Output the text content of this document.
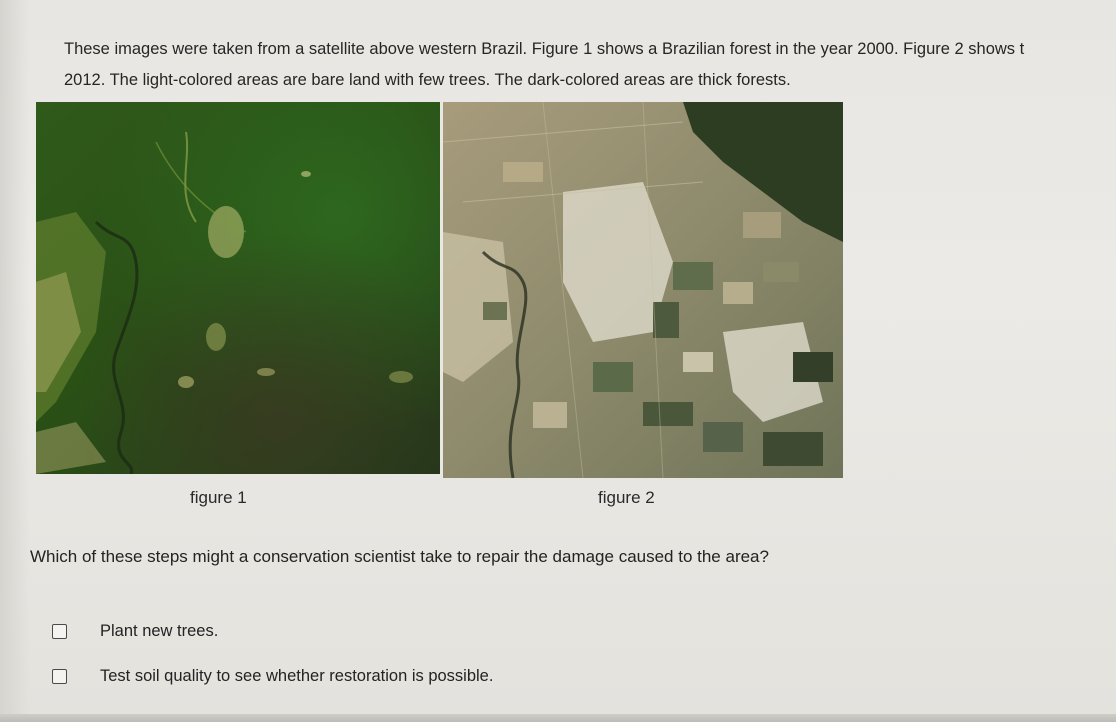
These images were taken from a satellite above western Brazil. Figure 1 shows a Brazilian forest in the year 2000. Figure 2 shows t
2012. The light-colored areas are bare land with few trees. The dark-colored areas are thick forests.
figure 1	figure 2
Which of these steps might a conservation scientist take to repair the damage caused to the area?
Plant new trees.
Test soil quality to see whether restoration is possible.
